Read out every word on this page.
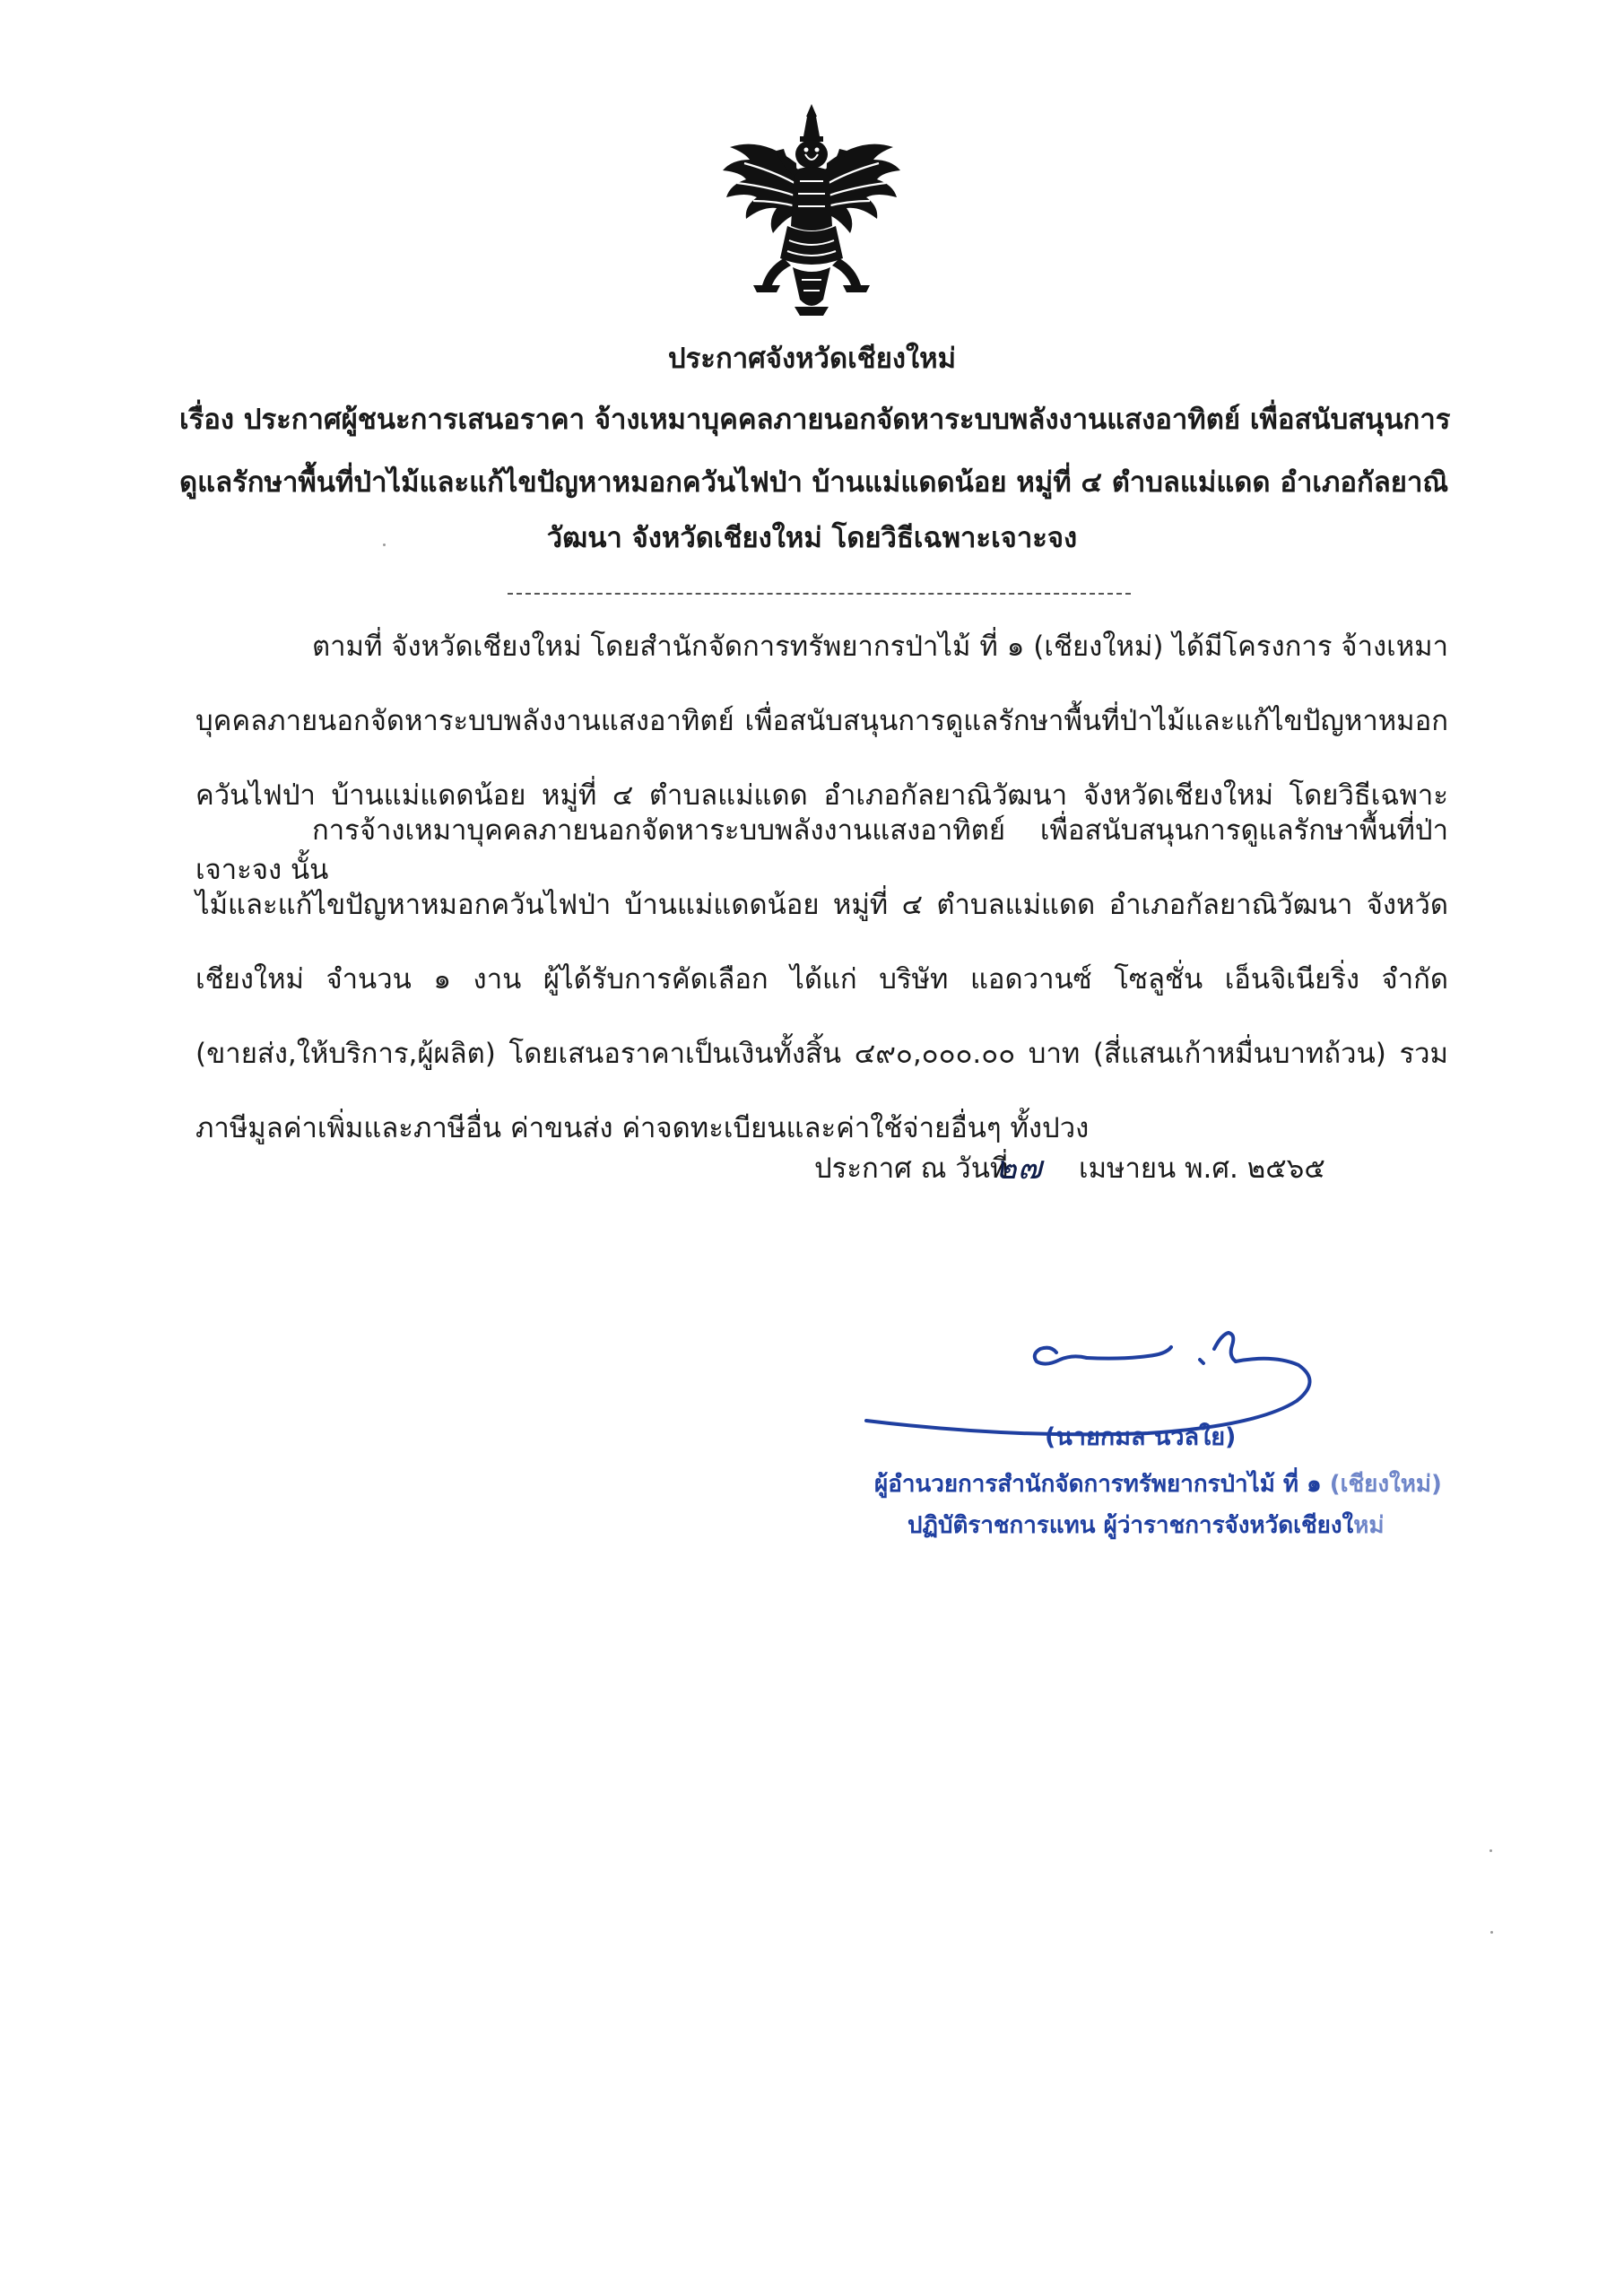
ประกาศจังหวัดเชียงใหม่
เรื่อง ประกาศผู้ชนะการเสนอราคา จ้างเหมาบุคคลภายนอกจัดหาระบบพลังงานแสงอาทิตย์ เพื่อสนับสนุนการ
ดูแลรักษาพื้นที่ป่าไม้และแก้ไขปัญหาหมอกควันไฟป่า บ้านแม่แดดน้อย หมู่ที่ ๔ ตำบลแม่แดด อำเภอกัลยาณิ
วัฒนา จังหวัดเชียงใหม่ โดยวิธีเฉพาะเจาะจง
ตามที่ จังหวัดเชียงใหม่ โดยสำนักจัดการทรัพยากรป่าไม้ ที่ ๑ (เชียงใหม่) ได้มีโครงการ จ้างเหมาบุคคลภายนอกจัดหาระบบพลังงานแสงอาทิตย์ เพื่อสนับสนุนการดูแลรักษาพื้นที่ป่าไม้และแก้ไขปัญหาหมอกควันไฟป่า บ้านแม่แดดน้อย หมู่ที่ ๔ ตำบลแม่แดด อำเภอกัลยาณิวัฒนา จังหวัดเชียงใหม่ โดยวิธีเฉพาะเจาะจง นั้น
การจ้างเหมาบุคคลภายนอกจัดหาระบบพลังงานแสงอาทิตย์ เพื่อสนับสนุนการดูแลรักษาพื้นที่ป่าไม้และแก้ไขปัญหาหมอกควันไฟป่า บ้านแม่แดดน้อย หมู่ที่ ๔ ตำบลแม่แดด อำเภอกัลยาณิวัฒนา จังหวัดเชียงใหม่ จำนวน ๑ งาน ผู้ได้รับการคัดเลือก ได้แก่ บริษัท แอดวานซ์ โซลูชั่น เอ็นจิเนียริ่ง จำกัด (ขายส่ง,ให้บริการ,ผู้ผลิต) โดยเสนอราคาเป็นเงินทั้งสิ้น ๔๙๐,๐๐๐.๐๐ บาท (สี่แสนเก้าหมื่นบาทถ้วน) รวมภาษีมูลค่าเพิ่มและภาษีอื่น ค่าขนส่ง ค่าจดทะเบียนและค่าใช้จ่ายอื่นๆ ทั้งปวง
ประกาศ ณ วันที่
๒๗ เมษายน พ.ศ. ๒๕๖๕
(นายกมล นวลใย)
ผู้อำนวยการสำนักจัดการทรัพยากรป่าไม้ ที่ ๑ (เชียงใหม่)
ปฏิบัติราชการแทน ผู้ว่าราชการจังหวัดเชียงใหม่
